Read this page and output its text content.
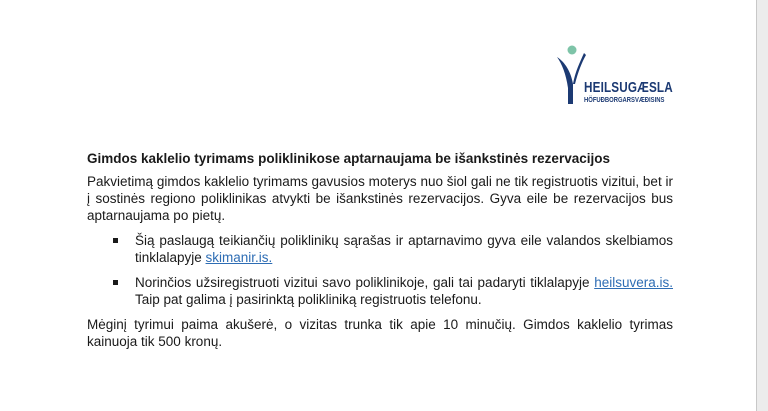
HEILSUGÆSLA
HÖFUÐBORGARSVÆÐISINS

Gimdos kaklelio tyrimams poliklinikose aptarnaujama be išankstinės rezervacijos

Pakvietimą gimdos kaklelio tyrimams gavusios moterys nuo šiol gali ne tik registruotis vizitui, bet ir į sostinės regiono poliklinikas atvykti be išankstinės rezervacijos. Gyva eile be rezervacijos bus aptarnaujama po pietų.

Šią paslaugą teikiančių poliklinikų sąrašas ir aptarnavimo gyva eile valandos skelbiamos tinklalapyje skimanir.is.
Norinčios užsiregistruoti vizitui savo poliklinikoje, gali tai padaryti tiklalapyje heilsuvera.is. Taip pat galima į pasirinktą polikliniką registruotis telefonu.

Mėginį tyrimui paima akušerė, o vizitas trunka tik apie 10 minučių. Gimdos kaklelio tyrimas kainuoja tik 500 kronų.
